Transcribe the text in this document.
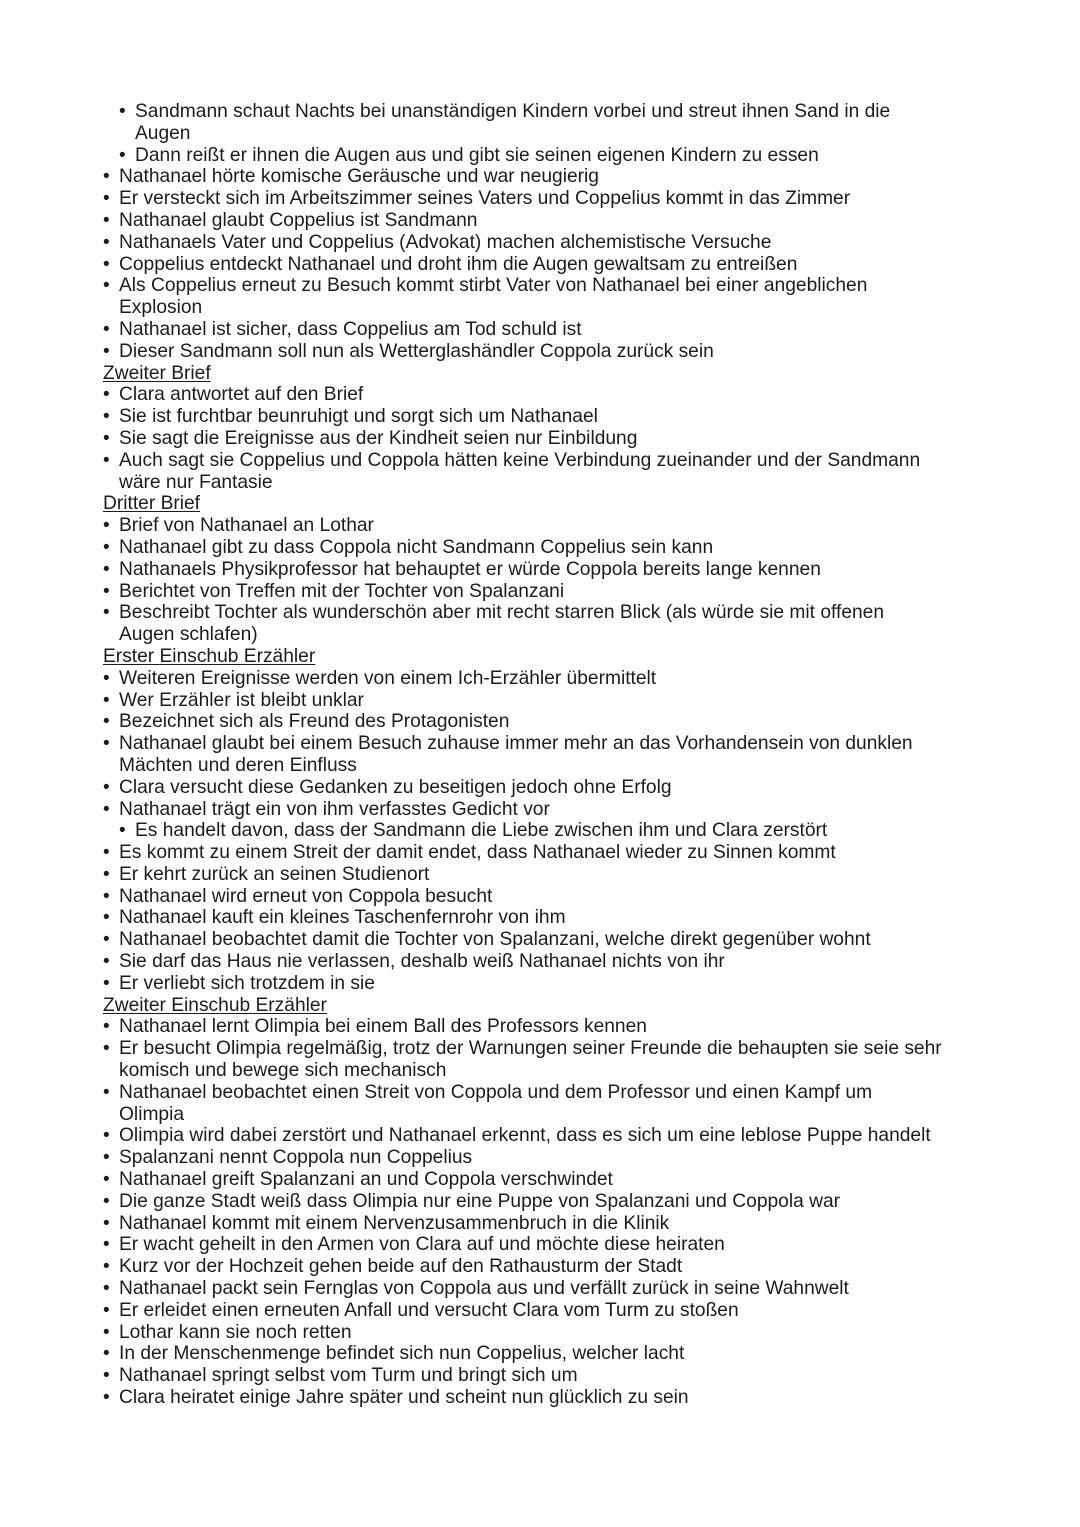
• Sandmann schaut Nachts bei unanständigen Kindern vorbei und streut ihnen Sand in die
Augen
• Dann reißt er ihnen die Augen aus und gibt sie seinen eigenen Kindern zu essen
• Nathanael hörte komische Geräusche und war neugierig
• Er versteckt sich im Arbeitszimmer seines Vaters und Coppelius kommt in das Zimmer
• Nathanael glaubt Coppelius ist Sandmann
• Nathanaels Vater und Coppelius (Advokat) machen alchemistische Versuche
• Coppelius entdeckt Nathanael und droht ihm die Augen gewaltsam zu entreißen
• Als Coppelius erneut zu Besuch kommt stirbt Vater von Nathanael bei einer angeblichen
Explosion
• Nathanael ist sicher, dass Coppelius am Tod schuld ist
• Dieser Sandmann soll nun als Wetterglashändler Coppola zurück sein
Zweiter Brief
• Clara antwortet auf den Brief
• Sie ist furchtbar beunruhigt und sorgt sich um Nathanael
• Sie sagt die Ereignisse aus der Kindheit seien nur Einbildung
• Auch sagt sie Coppelius und Coppola hätten keine Verbindung zueinander und der Sandmann
wäre nur Fantasie
Dritter Brief
• Brief von Nathanael an Lothar
• Nathanael gibt zu dass Coppola nicht Sandmann Coppelius sein kann
• Nathanaels Physikprofessor hat behauptet er würde Coppola bereits lange kennen
• Berichtet von Treffen mit der Tochter von Spalanzani
• Beschreibt Tochter als wunderschön aber mit recht starren Blick (als würde sie mit offenen
Augen schlafen)
Erster Einschub Erzähler
• Weiteren Ereignisse werden von einem Ich-Erzähler übermittelt
• Wer Erzähler ist bleibt unklar
• Bezeichnet sich als Freund des Protagonisten
• Nathanael glaubt bei einem Besuch zuhause immer mehr an das Vorhandensein von dunklen
Mächten und deren Einfluss
• Clara versucht diese Gedanken zu beseitigen jedoch ohne Erfolg
• Nathanael trägt ein von ihm verfasstes Gedicht vor
• Es handelt davon, dass der Sandmann die Liebe zwischen ihm und Clara zerstört
• Es kommt zu einem Streit der damit endet, dass Nathanael wieder zu Sinnen kommt
• Er kehrt zurück an seinen Studienort
• Nathanael wird erneut von Coppola besucht
• Nathanael kauft ein kleines Taschenfernrohr von ihm
• Nathanael beobachtet damit die Tochter von Spalanzani, welche direkt gegenüber wohnt
• Sie darf das Haus nie verlassen, deshalb weiß Nathanael nichts von ihr
• Er verliebt sich trotzdem in sie
Zweiter Einschub Erzähler
• Nathanael lernt Olimpia bei einem Ball des Professors kennen
• Er besucht Olimpia regelmäßig, trotz der Warnungen seiner Freunde die behaupten sie seie sehr
komisch und bewege sich mechanisch
• Nathanael beobachtet einen Streit von Coppola und dem Professor und einen Kampf um
Olimpia
• Olimpia wird dabei zerstört und Nathanael erkennt, dass es sich um eine leblose Puppe handelt
• Spalanzani nennt Coppola nun Coppelius
• Nathanael greift Spalanzani an und Coppola verschwindet
• Die ganze Stadt weiß dass Olimpia nur eine Puppe von Spalanzani und Coppola war
• Nathanael kommt mit einem Nervenzusammenbruch in die Klinik
• Er wacht geheilt in den Armen von Clara auf und möchte diese heiraten
• Kurz vor der Hochzeit gehen beide auf den Rathausturm der Stadt
• Nathanael packt sein Fernglas von Coppola aus und verfällt zurück in seine Wahnwelt
• Er erleidet einen erneuten Anfall und versucht Clara vom Turm zu stoßen
• Lothar kann sie noch retten
• In der Menschenmenge befindet sich nun Coppelius, welcher lacht
• Nathanael springt selbst vom Turm und bringt sich um
• Clara heiratet einige Jahre später und scheint nun glücklich zu sein
